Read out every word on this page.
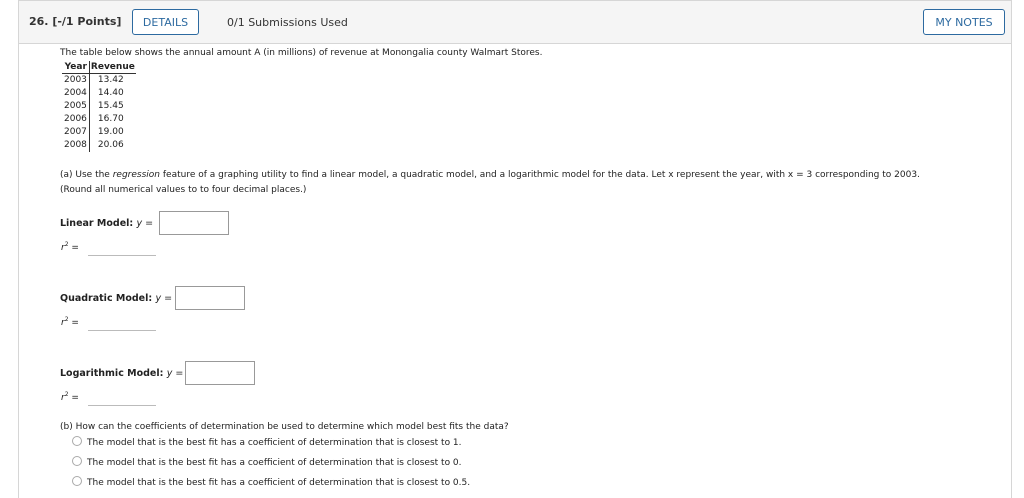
26. [-/1 Points]	DETAILS	0/1 Submissions Used	MY NOTES
The table below shows the annual amount A (in millions) of revenue at Monongalia county Walmart Stores.
Year	Revenue
2003	13.42
2004	14.40
2005	15.45
2006	16.70
2007	19.00
2008	20.06
(a) Use the regression feature of a graphing utility to find a linear model, a quadratic model, and a logarithmic model for the data. Let x represent the year, with x = 3 corresponding to 2003.
(Round all numerical values to to four decimal places.)
Linear Model: y =
$r^2$ =
Quadratic Model: y =
$r^2$ =
Logarithmic Model: y =
$r^2$ =
(b) How can the coefficients of determination be used to determine which model best fits the data?
The model that is the best fit has a coefficient of determination that is closest to 1.
The model that is the best fit has a coefficient of determination that is closest to 0.
The model that is the best fit has a coefficient of determination that is closest to 0.5.
